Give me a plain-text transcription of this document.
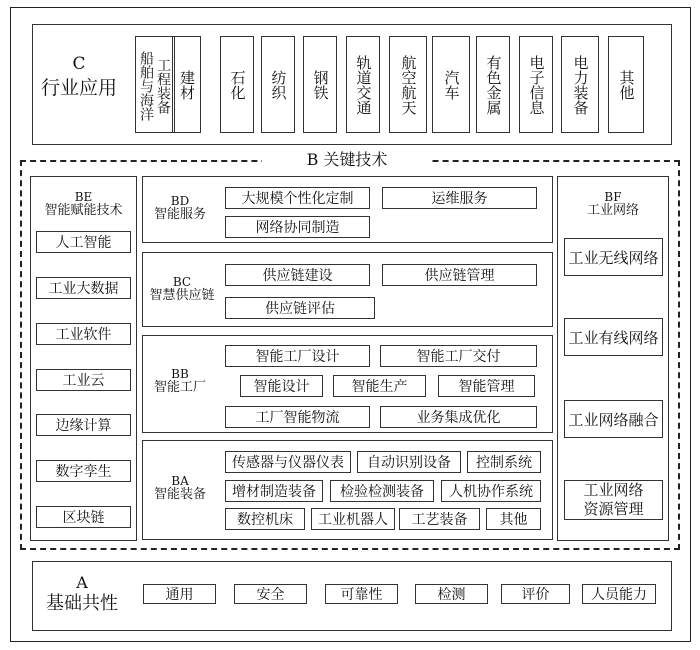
C
行业应用 船舶与海洋 工程装备 建材	石化	纺织	钢铁	轨道交通	航空航天	汽车	有色金属	电子信息	电力装备	其他
B 关键技术
BE
智能赋能技术
人工智能
工业大数据
工业软件
工业云
边缘计算
数字孪生
区块链
BF
工业网络
工业无线网络
工业有线网络
工业网络融合
工业网络
资源管理
BD
智能服务
大规模个性化定制	运维服务
网络协同制造
BC
智慧供应链
供应链建设	供应链管理
供应链评估
BB
智能工厂
智能工厂设计	智能工厂交付
智能设计	智能生产	智能管理
工厂智能物流	业务集成优化
BA
智能装备
传感器与仪器仪表	自动识别设备	控制系统
增材制造装备	检验检测装备	人机协作系统
数控机床	工业机器人	工艺装备	其他
A
基础共性	通用	安全	可靠性	检测	评价	人员能力
